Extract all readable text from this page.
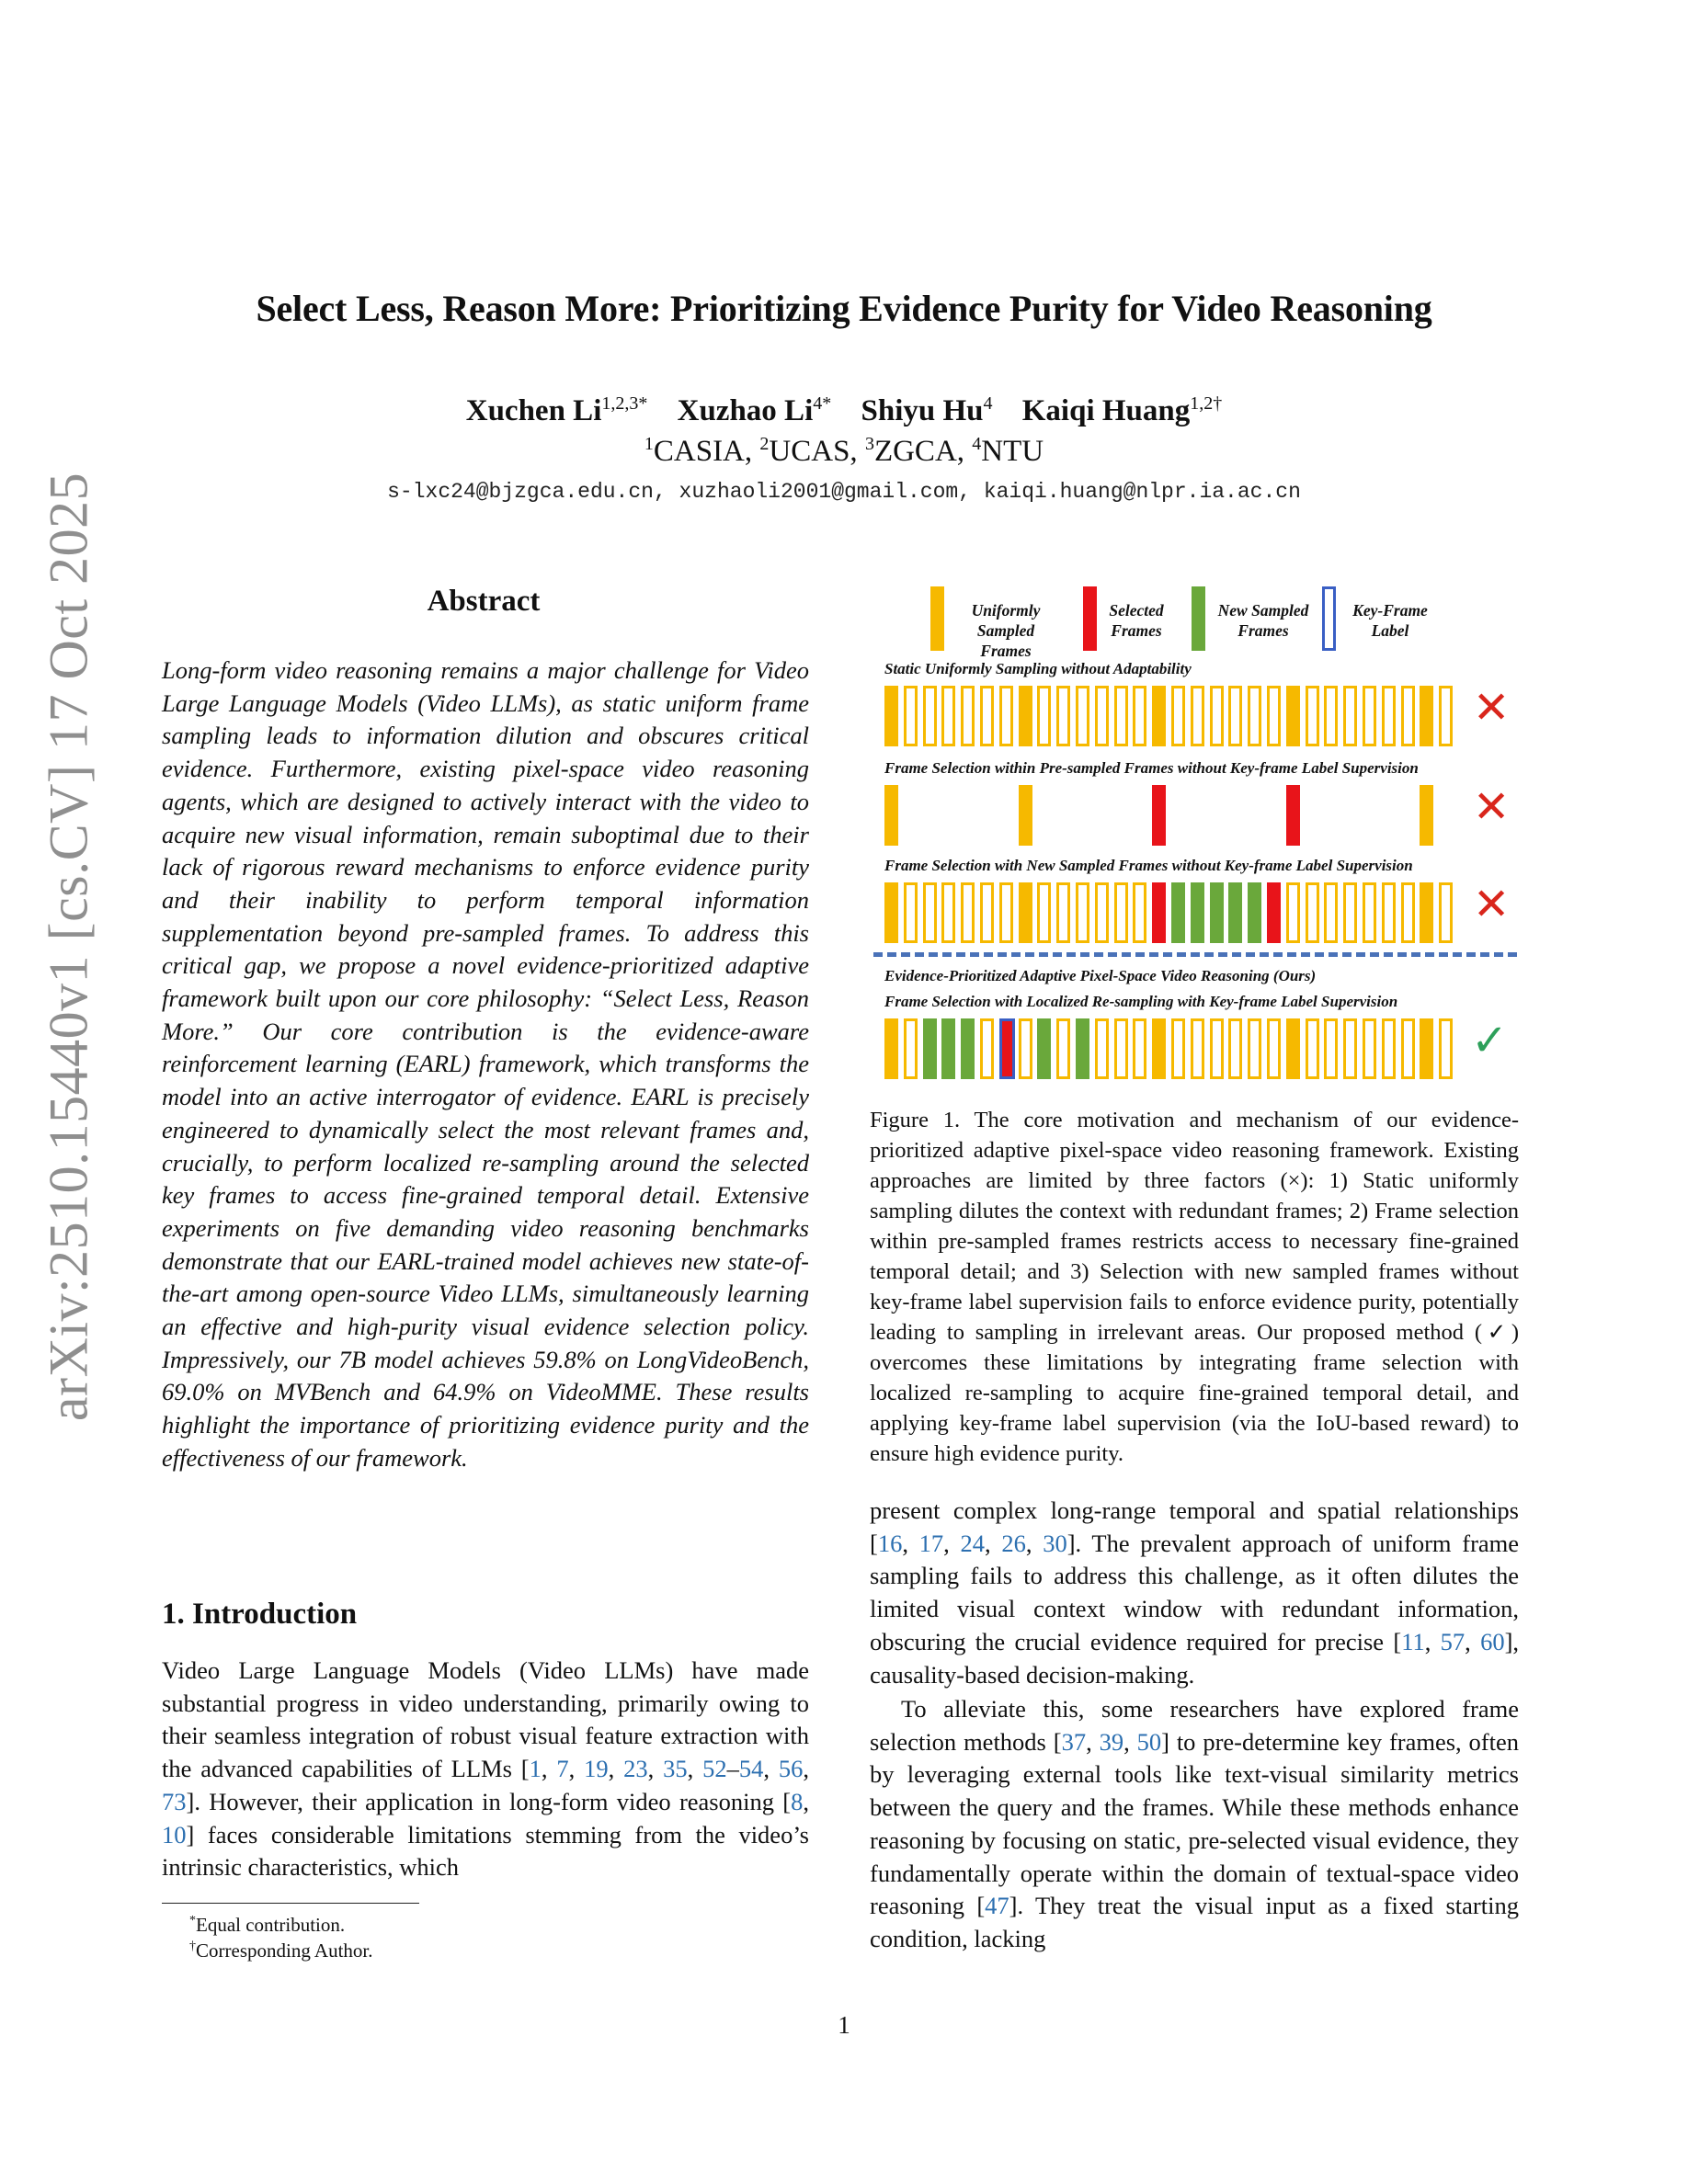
Select Less, Reason More: Prioritizing Evidence Purity for Video Reasoning
Xuchen $Li^{1,2,3*}$ Xuzhao $Li^{4*}$ Shiyu Hu$^4$ Kaiqi Huang$^{1,2\dagger}$
$^1$CASIA, $^2$UCAS, $^3$ZGCA, $^4$NTU
s-lxc24@bjzgca.edu.cn, xuzhaoli2001@gmail.com, kaiqi.huang@nlpr.ia.ac.cn
arXiv:2510.15440v1 [cs.CV] 17 Oct 2025	Abstract
Long-form video reasoning remains a major challenge for Video Large Language Models (Video LLMs), as static uniform frame sampling leads to information dilution and obscures critical evidence. Furthermore, existing pixel-space video reasoning agents, which are designed to actively interact with the video to acquire new visual information, remain suboptimal due to their lack of rigorous reward mechanisms to enforce evidence purity and their inability to perform temporal information supplementation beyond pre-sampled frames. To address this critical gap, we propose a novel evidence-prioritized adaptive framework built upon our core philosophy: “Select Less, Reason More.” Our core contribution is the evidence-aware reinforcement learning (EARL) framework, which transforms the model into an active interrogator of evidence. EARL is precisely engineered to dynamically select the most relevant frames and, crucially, to perform localized re-sampling around the selected key frames to access fine-grained temporal detail. Extensive experiments on five demanding video reasoning benchmarks demonstrate that our EARL-trained model achieves new state-of-the-art among open-source Video LLMs, simultaneously learning an effective and high-purity visual evidence selection policy. Impressively, our 7B model achieves 59.8% on LongVideoBench, 69.0% on MVBench and 64.9% on VideoMME. These results highlight the importance of prioritizing evidence purity and the effectiveness of our framework.
1. Introduction
Video Large Language Models (Video LLMs) have made substantial progress in video understanding, primarily owing to their seamless integration of robust visual feature extraction with the advanced capabilities of LLMs [1, 7, 19, 23, 35, 52–54, 56, 73]. However, their application in long-form video reasoning [8, 10] faces considerable limitations stemming from the video’s intrinsic characteristics, which
*Equal contribution.
†Corresponding Author.
Uniformly Sampled Frames
Selected Frames
New Sampled Frames
Key-Frame Label
Static Uniformly Sampling without Adaptability
✕
Frame Selection within Pre-sampled Frames without Key-frame Label Supervision
✕
Frame Selection with New Sampled Frames without Key-frame Label Supervision
✕
Evidence-Prioritized Adaptive Pixel-Space Video Reasoning (Ours)
Frame Selection with Localized Re-sampling with Key-frame Label Supervision
✓
Figure 1. The core motivation and mechanism of our evidence-prioritized adaptive pixel-space video reasoning framework. Existing approaches are limited by three factors (×): 1) Static uniformly sampling dilutes the context with redundant frames; 2) Frame selection within pre-sampled frames restricts access to necessary fine-grained temporal detail; and 3) Selection with new sampled frames without key-frame label supervision fails to enforce evidence purity, potentially leading to sampling in irrelevant areas. Our proposed method (✓) overcomes these limitations by integrating frame selection with localized re-sampling to acquire fine-grained temporal detail, and applying key-frame label supervision (via the IoU-based reward) to ensure high evidence purity.
present complex long-range temporal and spatial relationships [16, 17, 24, 26, 30]. The prevalent approach of uniform frame sampling fails to address this challenge, as it often dilutes the limited visual context window with redundant information, obscuring the crucial evidence required for precise [11, 57, 60], causality-based decision-making.
To alleviate this, some researchers have explored frame selection methods [37, 39, 50] to pre-determine key frames, often by leveraging external tools like text-visual similarity metrics between the query and the frames. While these methods enhance reasoning by focusing on static, pre-selected visual evidence, they fundamentally operate within the domain of textual-space video reasoning [47]. They treat the visual input as a fixed starting condition, lacking
1
